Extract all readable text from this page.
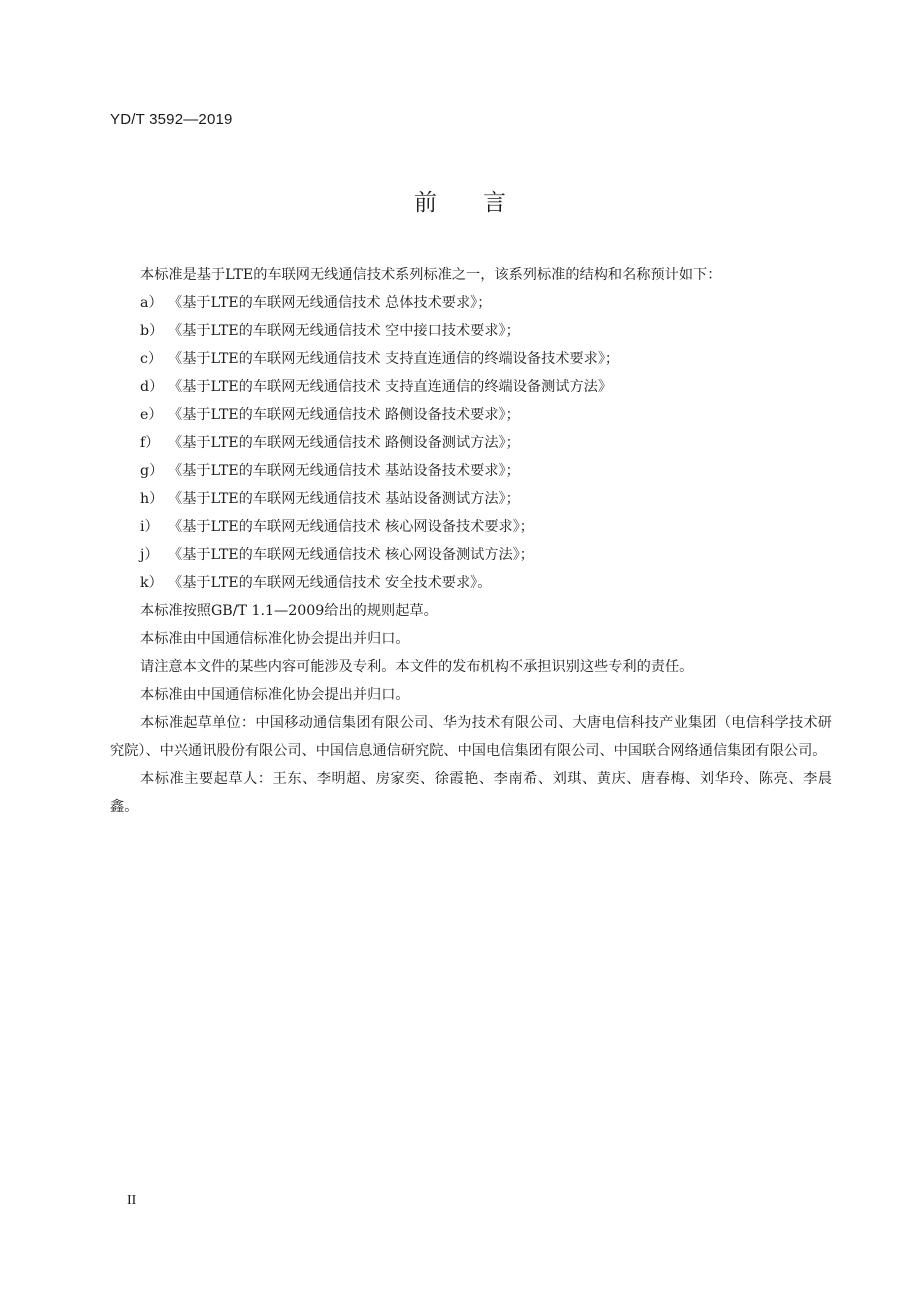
YD/T 3592—2019
前 言

本标准是基于LTE的车联网无线通信技术系列标准之一，该系列标准的结构和名称预计如下：

a） 《基于LTE的车联网无线通信技术 总体技术要求》；
b） 《基于LTE的车联网无线通信技术 空中接口技术要求》；
c） 《基于LTE的车联网无线通信技术 支持直连通信的终端设备技术要求》；
d） 《基于LTE的车联网无线通信技术 支持直连通信的终端设备测试方法》
e） 《基于LTE的车联网无线通信技术 路侧设备技术要求》；
f） 《基于LTE的车联网无线通信技术 路侧设备测试方法》；
g） 《基于LTE的车联网无线通信技术 基站设备技术要求》；
h） 《基于LTE的车联网无线通信技术 基站设备测试方法》；
i） 《基于LTE的车联网无线通信技术 核心网设备技术要求》；
j） 《基于LTE的车联网无线通信技术 核心网设备测试方法》；
k） 《基于LTE的车联网无线通信技术 安全技术要求》。

本标准按照GB/T 1.1—2009给出的规则起草。

本标准由中国通信标准化协会提出并归口。

请注意本文件的某些内容可能涉及专利。本文件的发布机构不承担识别这些专利的责任。

本标准由中国通信标准化协会提出并归口。

本标准起草单位：中国移动通信集团有限公司、华为技术有限公司、大唐电信科技产业集团（电信科学技术研究院）、中兴通讯股份有限公司、中国信息通信研究院、中国电信集团有限公司、中国联合网络通信集团有限公司。

本标准主要起草人：王东、李明超、房家奕、徐霞艳、李南希、刘琪、黄庆、唐春梅、刘华玲、陈亮、李晨鑫。

II
